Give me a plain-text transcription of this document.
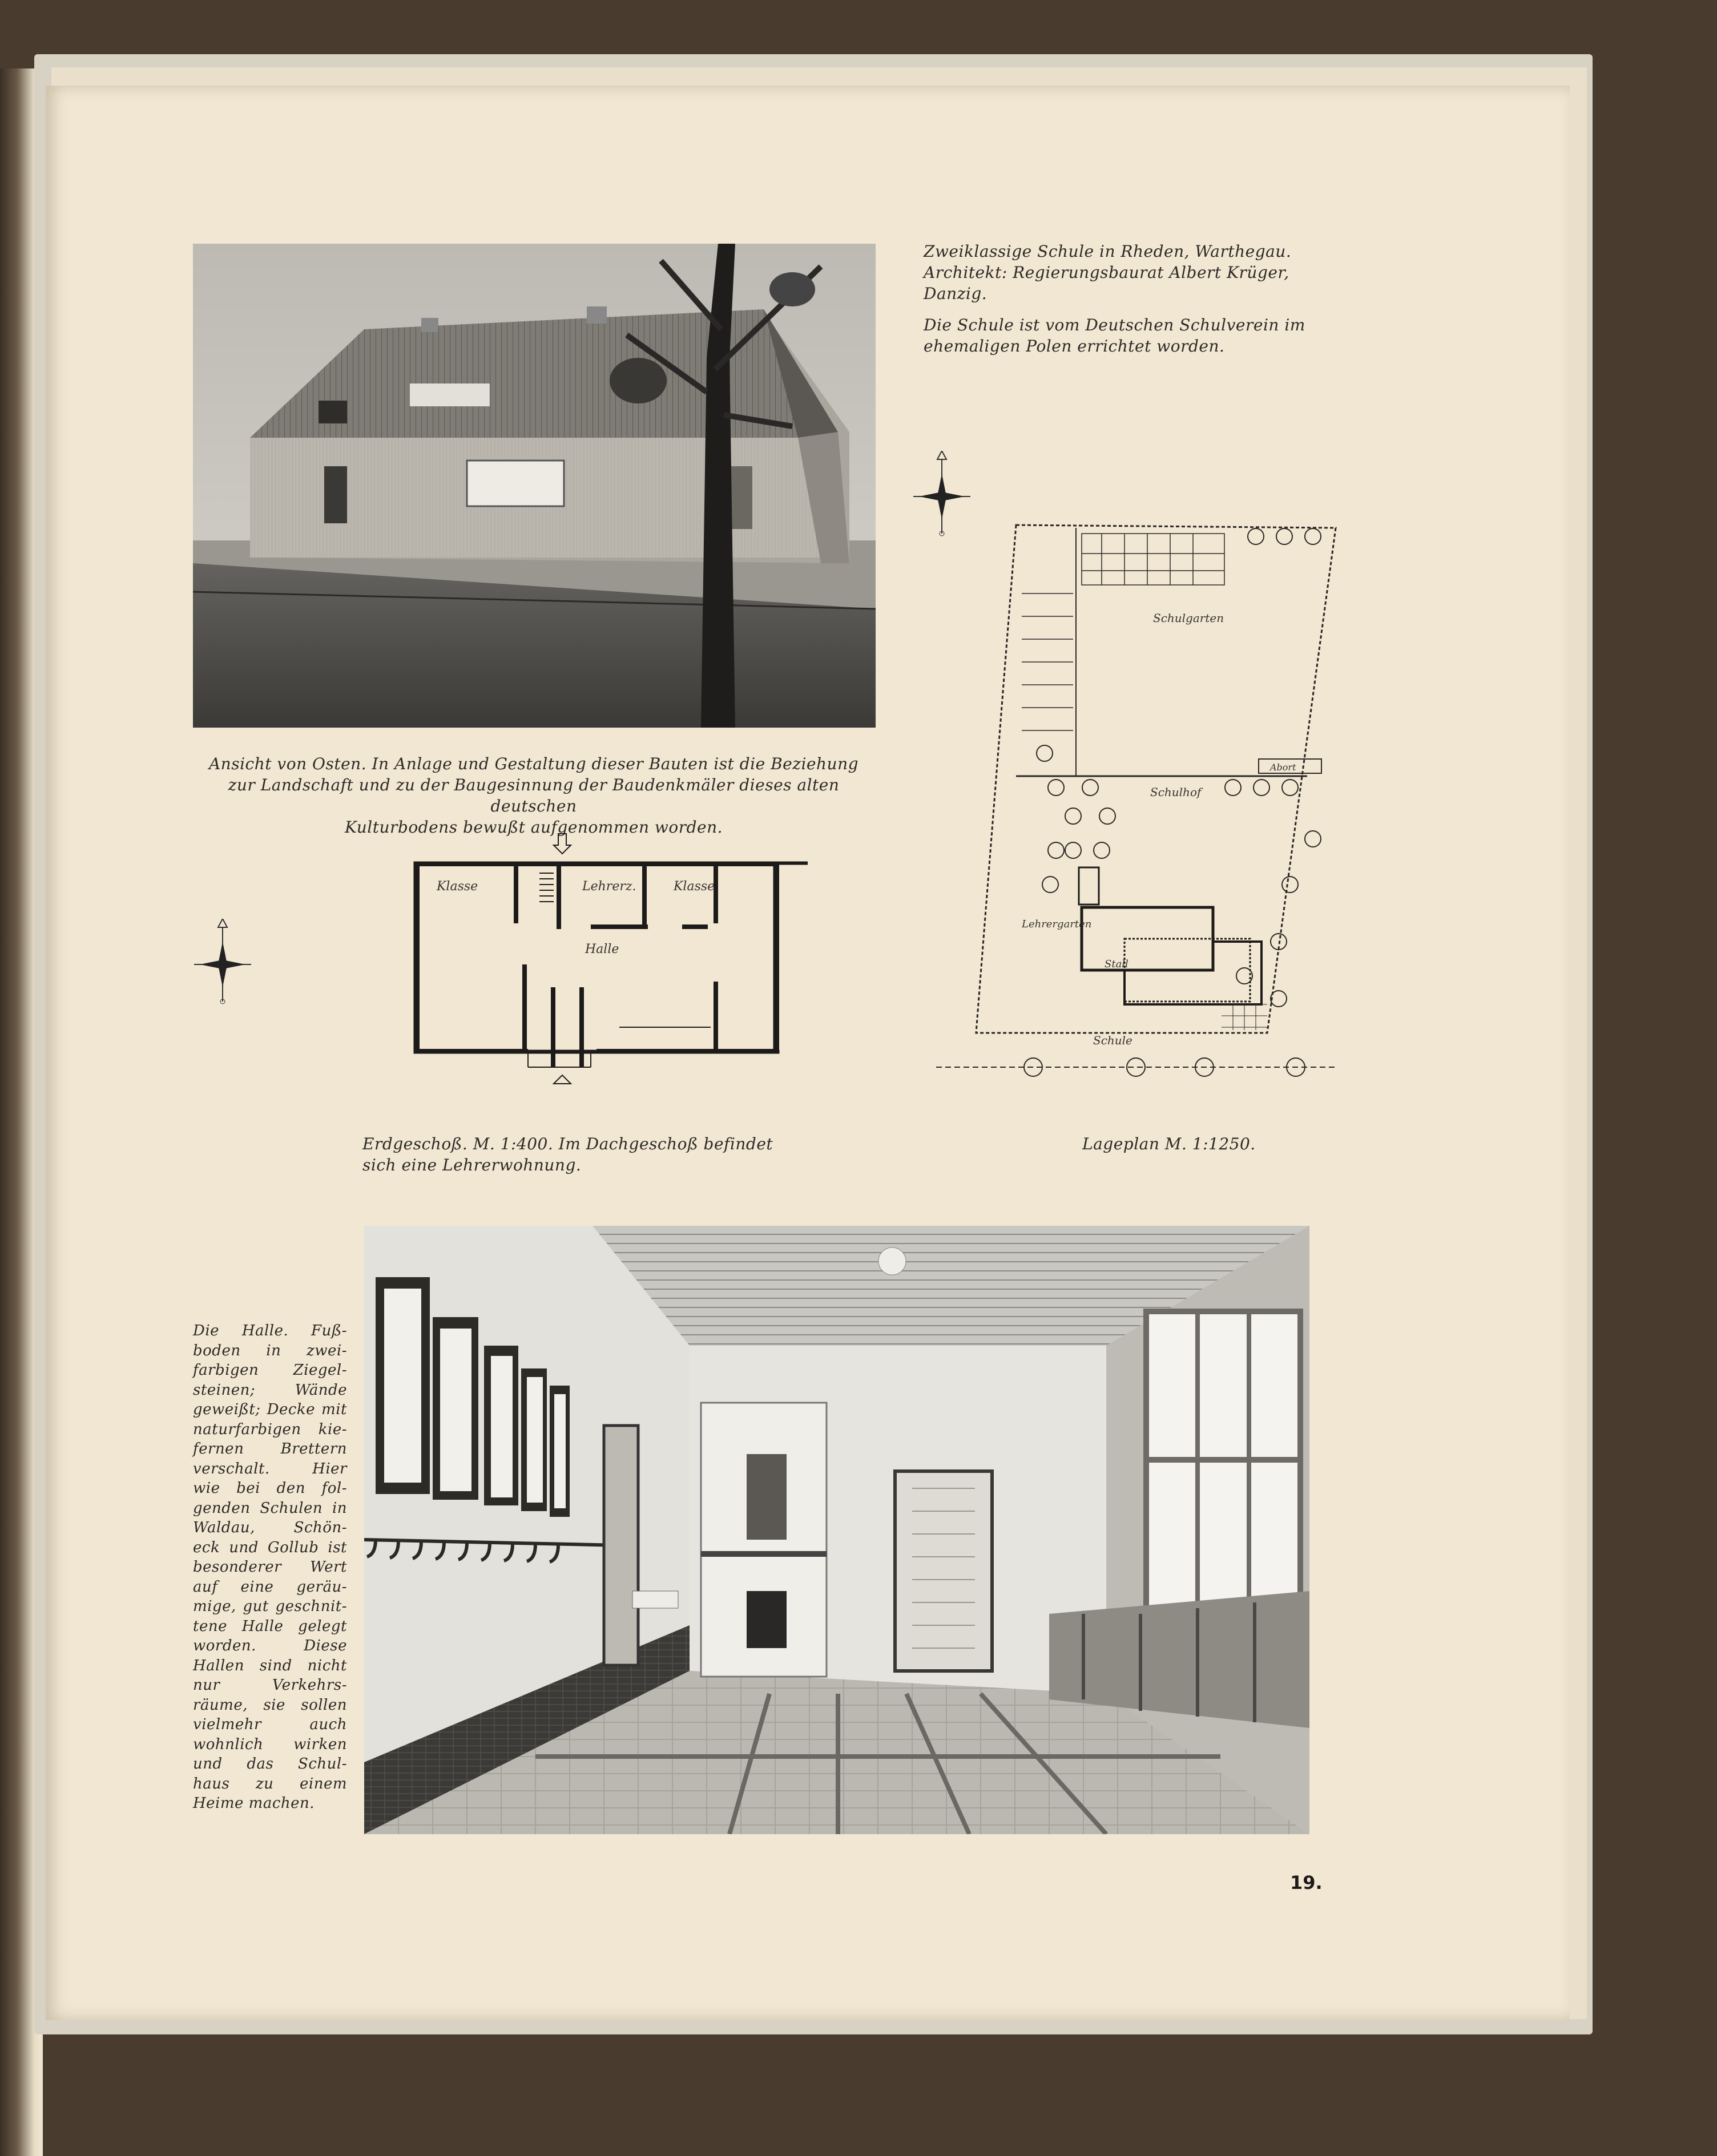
Zweiklassige Schule in Rheden, Warthegau.
Architekt: Regierungsbaurat Albert Krüger,
Danzig.
Die Schule ist vom Deutschen Schulverein im
ehemaligen Polen errichtet worden.
Ansicht von Osten. In Anlage und Gestaltung dieser Bauten ist die Beziehung
zur Landschaft und zu der Baugesinnung der Baudenkmäler dieses alten deutschen
Kulturbodens bewußt aufgenommen worden.
Klasse	Lehrerz.	Klasse
Halle
Erdgeschoß. M. 1:400. Im Dachgeschoß befindet
sich eine Lehrerwohnung.
Schulgarten
Abort
Schulhof
Lehrergarten
Stall
Schule
Lageplan M. 1:1250.
Die Halle. Fuß-
boden in zwei-
farbigen Ziegel-
steinen; Wände
geweißt; Decke mit
naturfarbigen kie-
fernen Brettern
verschalt. Hier
wie bei den fol-
genden Schulen in
Waldau, Schön-
eck und Gollub ist
besonderer Wert
auf eine geräu-
mige, gut geschnit-
tene Halle gelegt
worden. Diese
Hallen sind nicht
nur Verkehrs-
räume, sie sollen
vielmehr auch
wohnlich wirken
und das Schul-
haus zu einem
Heime machen.
19.
